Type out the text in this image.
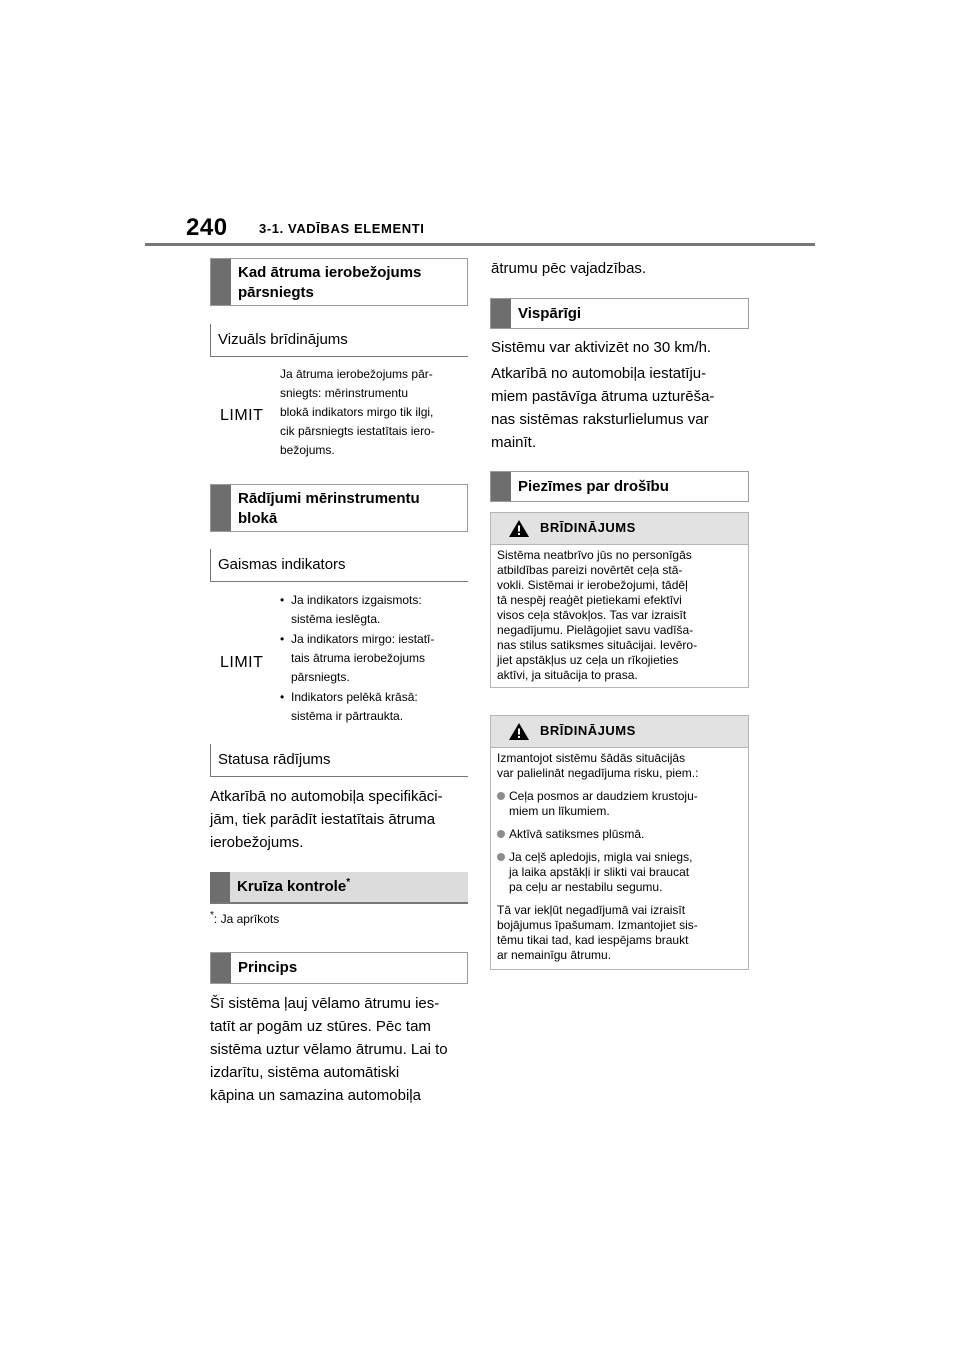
240 3-1. VADĪBAS ELEMENTI
Kad ātruma ierobežojums
pārsniegts
Vizuāls brīdinājums
LIMIT
Ja ātruma ierobežojums pār-
sniegts: mērinstrumentu
blokā indikators mirgo tik ilgi,
cik pārsniegts iestatītais iero-
bežojums.
Rādījumi mērinstrumentu
blokā
Gaismas indikators
LIMIT
• Ja indikators izgaismots:
sistēma ieslēgta.
• Ja indikators mirgo: iestatī-
tais ātruma ierobežojums
pārsniegts.
• Indikators pelēkā krāsā:
sistēma ir pārtraukta.
Statusa rādījums
Atkarībā no automobiļa specifikāci-
jām, tiek parādīt iestatītais ātruma
ierobežojums.
Kruīza kontrole*
*: Ja aprīkots
Princips
Šī sistēma ļauj vēlamo ātrumu ies-
tatīt ar pogām uz stūres. Pēc tam
sistēma uztur vēlamo ātrumu. Lai to
izdarītu, sistēma automātiski
kāpina un samazina automobiļa
ātrumu pēc vajadzības.
Vispārīgi
Sistēmu var aktivizēt no 30 km/h.
Atkarībā no automobiļa iestatīju-
miem pastāvīga ātruma uzturēša-
nas sistēmas raksturlielumus var
mainīt.
Piezīmes par drošību
BRĪDINĀJUMS
Sistēma neatbrīvo jūs no personīgās
atbildības pareizi novērtēt ceļa stā-
vokli. Sistēmai ir ierobežojumi, tādēļ
tā nespēj reaģēt pietiekami efektīvi
visos ceļa stāvokļos. Tas var izraisīt
negadījumu. Pielāgojiet savu vadīša-
nas stilus satiksmes situācijai. Ievēro-
jiet apstākļus uz ceļa un rīkojieties
aktīvi, ja situācija to prasa.
BRĪDINĀJUMS

Izmantojot sistēmu šādās situācijās
var palielināt negadījuma risku, piem.:

Ceļa posmos ar daudziem krustoju-
miem un līkumiem.
Aktīvā satiksmes plūsmā.
Ja ceļš apledojis, migla vai sniegs,
ja laika apstākļi ir slikti vai braucat
pa ceļu ar nestabilu segumu.

Tā var iekļūt negadījumā vai izraisīt
bojājumus īpašumam. Izmantojiet sis-
tēmu tikai tad, kad iespējams braukt
ar nemainīgu ātrumu.
